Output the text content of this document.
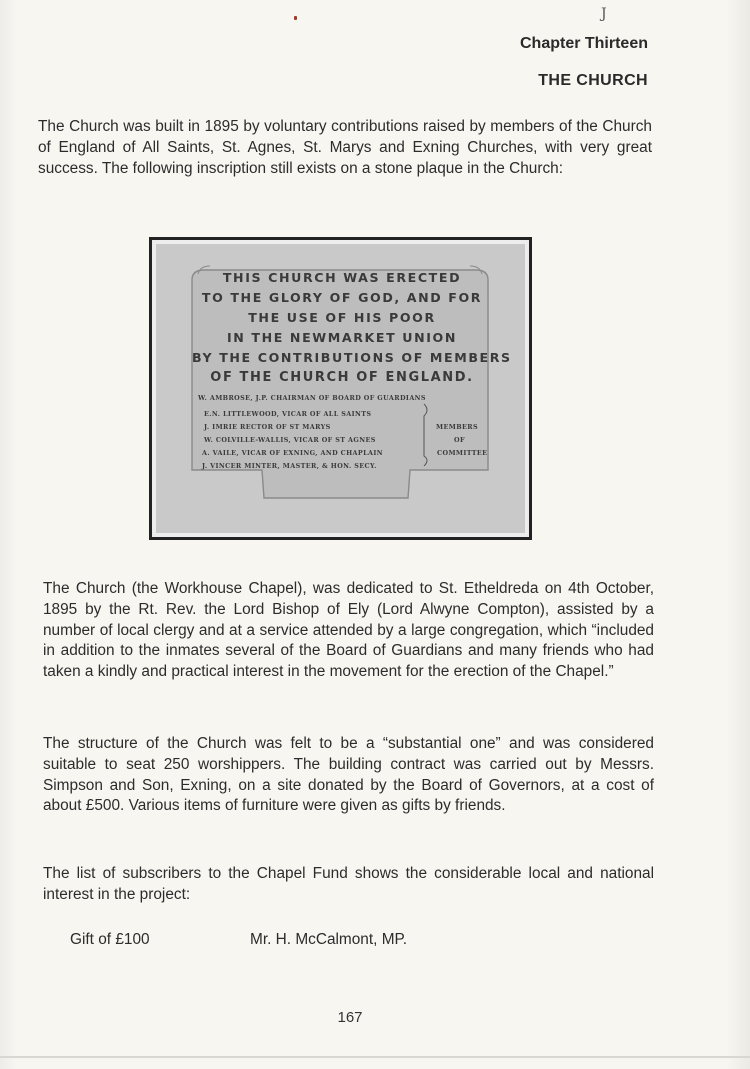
J
Chapter Thirteen
THE CHURCH

The Church was built in 1895 by voluntary contributions raised by members of the Church of England of All Saints, St. Agnes, St. Marys and Exning Churches, with very great success. The following inscription still exists on a stone plaque in the Church:

THIS CHURCH WAS ERECTED
TO THE GLORY OF GOD, AND FOR
THE USE OF HIS POOR
IN THE NEWMARKET UNION
BY THE CONTRIBUTIONS OF MEMBERS
OF THE CHURCH OF ENGLAND.
W. AMBROSE, J.P. CHAIRMAN OF BOARD OF GUARDIANS
E.N. LITTLEWOOD, VICAR OF ALL SAINTS
J. IMRIE RECTOR OF ST MARYS
W. COLVILLE-WALLIS, VICAR OF ST AGNES
A. VAILE, VICAR OF EXNING, AND CHAPLAIN
J. VINCER MINTER, MASTER, & HON. SECY.
MEMBERS
OF
COMMITTEE

The Church (the Workhouse Chapel), was dedicated to St. Etheldreda on 4th October, 1895 by the Rt. Rev. the Lord Bishop of Ely (Lord Alwyne Compton), assisted by a number of local clergy and at a service attended by a large congregation, which “included in addition to the inmates several of the Board of Guardians and many friends who had taken a kindly and practical interest in the movement for the erection of the Chapel.”

The structure of the Church was felt to be a “substantial one” and was considered suitable to seat 250 worshippers. The building contract was carried out by Messrs. Simpson and Son, Exning, on a site donated by the Board of Governors, at a cost of about £500. Various items of furniture were given as gifts by friends.

The list of subscribers to the Chapel Fund shows the considerable local and national interest in the project:

Gift of £100	Mr. H. McCalmont, MP.
167
